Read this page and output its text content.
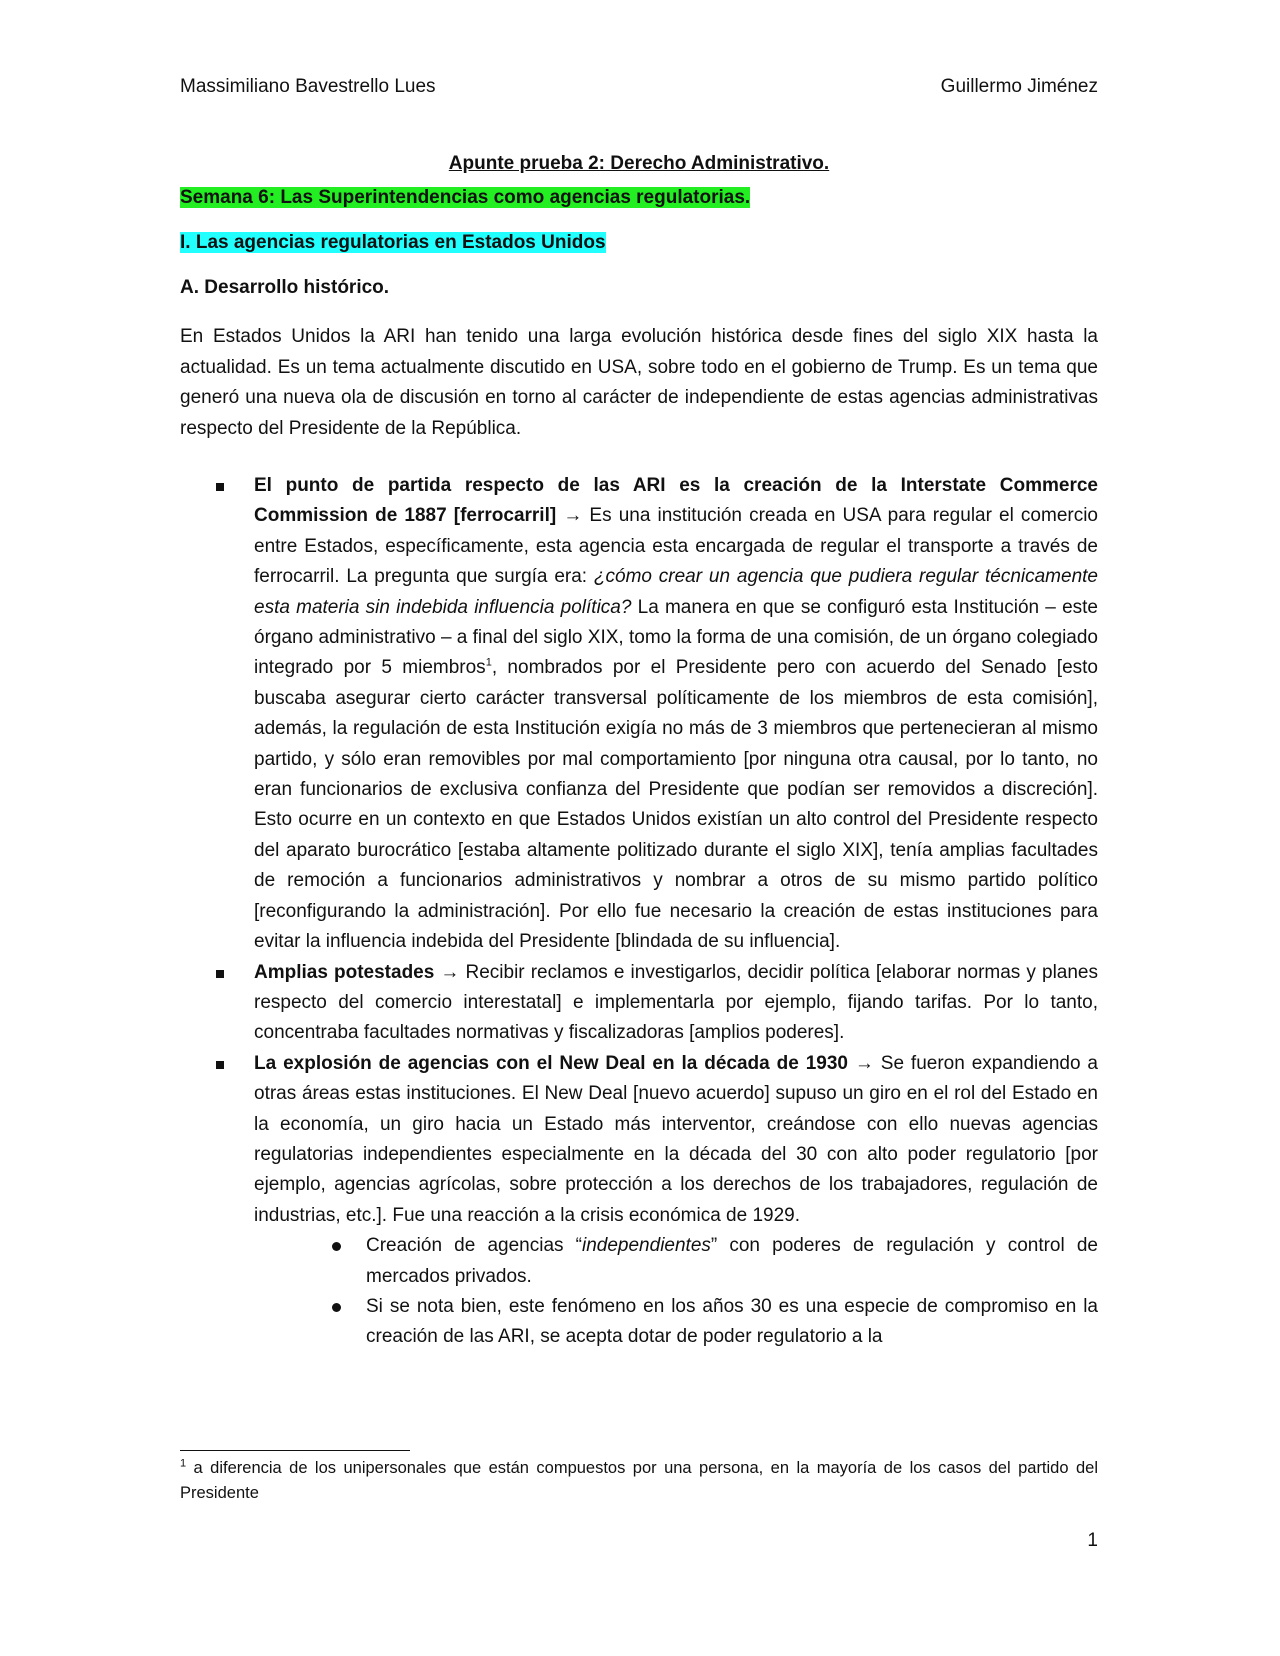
Massimiliano Bavestrello Lues	Guillermo Jiménez
Apunte prueba 2: Derecho Administrativo.
Semana 6: Las Superintendencias como agencias regulatorias.
I. Las agencias regulatorias en Estados Unidos
A. Desarrollo histórico.
En Estados Unidos la ARI han tenido una larga evolución histórica desde fines del siglo XIX hasta la actualidad. Es un tema actualmente discutido en USA, sobre todo en el gobierno de Trump. Es un tema que generó una nueva ola de discusión en torno al carácter de independiente de estas agencias administrativas respecto del Presidente de la República.
El punto de partida respecto de las ARI es la creación de la Interstate Commerce Commission de 1887 [ferrocarril] → Es una institución creada en USA para regular el comercio entre Estados, específicamente, esta agencia esta encargada de regular el transporte a través de ferrocarril. La pregunta que surgía era: ¿cómo crear un agencia que pudiera regular técnicamente esta materia sin indebida influencia política? La manera en que se configuró esta Institución – este órgano administrativo – a final del siglo XIX, tomo la forma de una comisión, de un órgano colegiado integrado por 5 miembros$^1$, nombrados por el Presidente pero con acuerdo del Senado [esto buscaba asegurar cierto carácter transversal políticamente de los miembros de esta comisión], además, la regulación de esta Institución exigía no más de 3 miembros que pertenecieran al mismo partido, y sólo eran removibles por mal comportamiento [por ninguna otra causal, por lo tanto, no eran funcionarios de exclusiva confianza del Presidente que podían ser removidos a discreción]. Esto ocurre en un contexto en que Estados Unidos existían un alto control del Presidente respecto del aparato burocrático [estaba altamente politizado durante el siglo XIX], tenía amplias facultades de remoción a funcionarios administrativos y nombrar a otros de su mismo partido político [reconfigurando la administración]. Por ello fue necesario la creación de estas instituciones para evitar la influencia indebida del Presidente [blindada de su influencia].
Amplias potestades → Recibir reclamos e investigarlos, decidir política [elaborar normas y planes respecto del comercio interestatal] e implementarla por ejemplo, fijando tarifas. Por lo tanto, concentraba facultades normativas y fiscalizadoras [amplios poderes].
La explosión de agencias con el New Deal en la década de 1930 → Se fueron expandiendo a otras áreas estas instituciones. El New Deal [nuevo acuerdo] supuso un giro en el rol del Estado en la economía, un giro hacia un Estado más interventor, creándose con ello nuevas agencias regulatorias independientes especialmente en la década del 30 con alto poder regulatorio [por ejemplo, agencias agrícolas, sobre protección a los derechos de los trabajadores, regulación de industrias, etc.]. Fue una reacción a la crisis económica de 1929.
Creación de agencias “independientes” con poderes de regulación y control de mercados privados.
Si se nota bien, este fenómeno en los años 30 es una especie de compromiso en la creación de las ARI, se acepta dotar de poder regulatorio a la
$^1$ a diferencia de los unipersonales que están compuestos por una persona, en la mayoría de los casos del partido del Presidente
1
